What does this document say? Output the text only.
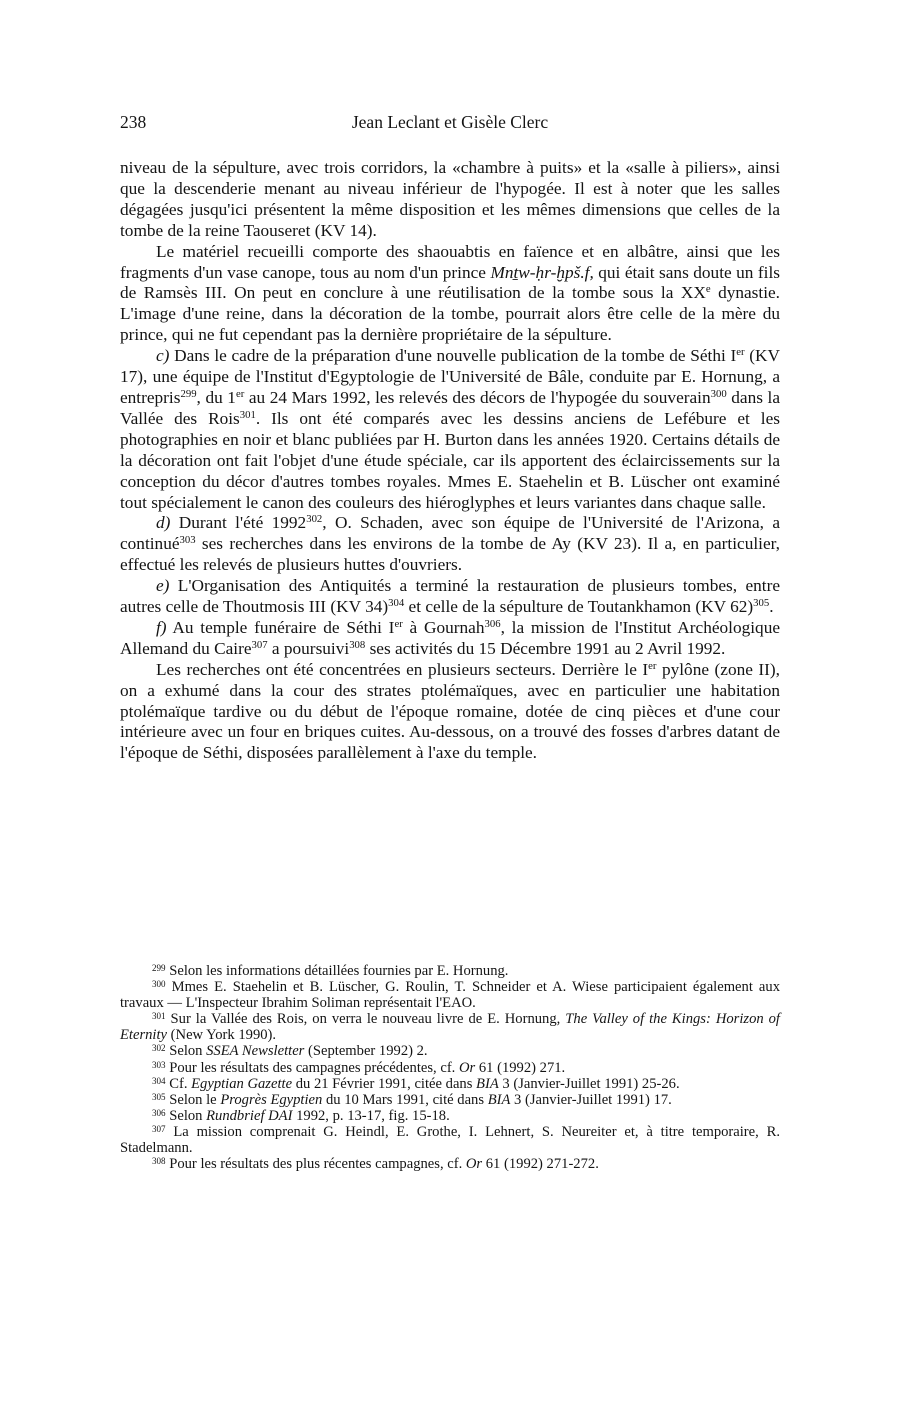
238	Jean Leclant et Gisèle Clerc

niveau de la sépulture, avec trois corridors, la «chambre à puits» et la «salle à piliers», ainsi que la descenderie menant au niveau inférieur de l'hypogée. Il est à noter que les salles dégagées jusqu'ici présentent la même disposition et les mêmes dimensions que celles de la tombe de la reine Taouseret (KV 14).

Le matériel recueilli comporte des shaouabtis en faïence et en albâtre, ainsi que les fragments d'un vase canope, tous au nom d'un prince Mnṯw-ḥr-ḫpš.f, qui était sans doute un fils de Ramsès III. On peut en conclure à une réutilisation de la tombe sous la XXe dynastie. L'image d'une reine, dans la décoration de la tombe, pourrait alors être celle de la mère du prince, qui ne fut cependant pas la dernière propriétaire de la sépulture.

c) Dans le cadre de la préparation d'une nouvelle publication de la tombe de Séthi Ier (KV 17), une équipe de l'Institut d'Egyptologie de l'Université de Bâle, conduite par E. Hornung, a entrepris$^{299}$, du 1er au 24 Mars 1992, les relevés des décors de l'hypogée du souverain$^{300}$ dans la Vallée des Rois$^{301}$. Ils ont été comparés avec les dessins anciens de Lefébure et les photographies en noir et blanc publiées par H. Burton dans les années 1920. Certains détails de la décoration ont fait l'objet d'une étude spéciale, car ils apportent des éclaircissements sur la conception du décor d'autres tombes royales. Mmes E. Staehelin et B. Lüscher ont examiné tout spécialement le canon des couleurs des hiéroglyphes et leurs variantes dans chaque salle.

d) Durant l'été 1992$^{302}$, O. Schaden, avec son équipe de l'Université de l'Arizona, a continué$^{303}$ ses recherches dans les environs de la tombe de Ay (KV 23). Il a, en particulier, effectué les relevés de plusieurs huttes d'ouvriers.

e) L'Organisation des Antiquités a terminé la restauration de plusieurs tombes, entre autres celle de Thoutmosis III (KV 34)$^{304}$ et celle de la sépulture de Toutankhamon (KV 62)$^{305}$.

f) Au temple funéraire de Séthi Ier à Gournah$^{306}$, la mission de l'Institut Archéologique Allemand du Caire$^{307}$ a poursuivi$^{308}$ ses activités du 15 Décembre 1991 au 2 Avril 1992.

Les recherches ont été concentrées en plusieurs secteurs. Derrière le Ier pylône (zone II), on a exhumé dans la cour des strates ptolémaïques, avec en particulier une habitation ptolémaïque tardive ou du début de l'époque romaine, dotée de cinq pièces et d'une cour intérieure avec un four en briques cuites. Au-dessous, on a trouvé des fosses d'arbres datant de l'époque de Séthi, disposées parallèlement à l'axe du temple.

$^{299}$ Selon les informations détaillées fournies par E. Hornung.

$^{300}$ Mmes E. Staehelin et B. Lüscher, G. Roulin, T. Schneider et A. Wiese participaient également aux travaux — L'Inspecteur Ibrahim Soliman représentait l'EAO.

$^{301}$ Sur la Vallée des Rois, on verra le nouveau livre de E. Hornung, The Valley of the Kings: Horizon of Eternity (New York 1990).

$^{302}$ Selon SSEA Newsletter (September 1992) 2.

$^{303}$ Pour les résultats des campagnes précédentes, cf. Or 61 (1992) 271.

$^{304}$ Cf. Egyptian Gazette du 21 Février 1991, citée dans BIA 3 (Janvier-Juillet 1991) 25-26.

$^{305}$ Selon le Progrès Egyptien du 10 Mars 1991, cité dans BIA 3 (Janvier-Juillet 1991) 17.

$^{306}$ Selon Rundbrief DAI 1992, p. 13-17, fig. 15-18.

$^{307}$ La mission comprenait G. Heindl, E. Grothe, I. Lehnert, S. Neureiter et, à titre temporaire, R. Stadelmann.

$^{308}$ Pour les résultats des plus récentes campagnes, cf. Or 61 (1992) 271-272.
